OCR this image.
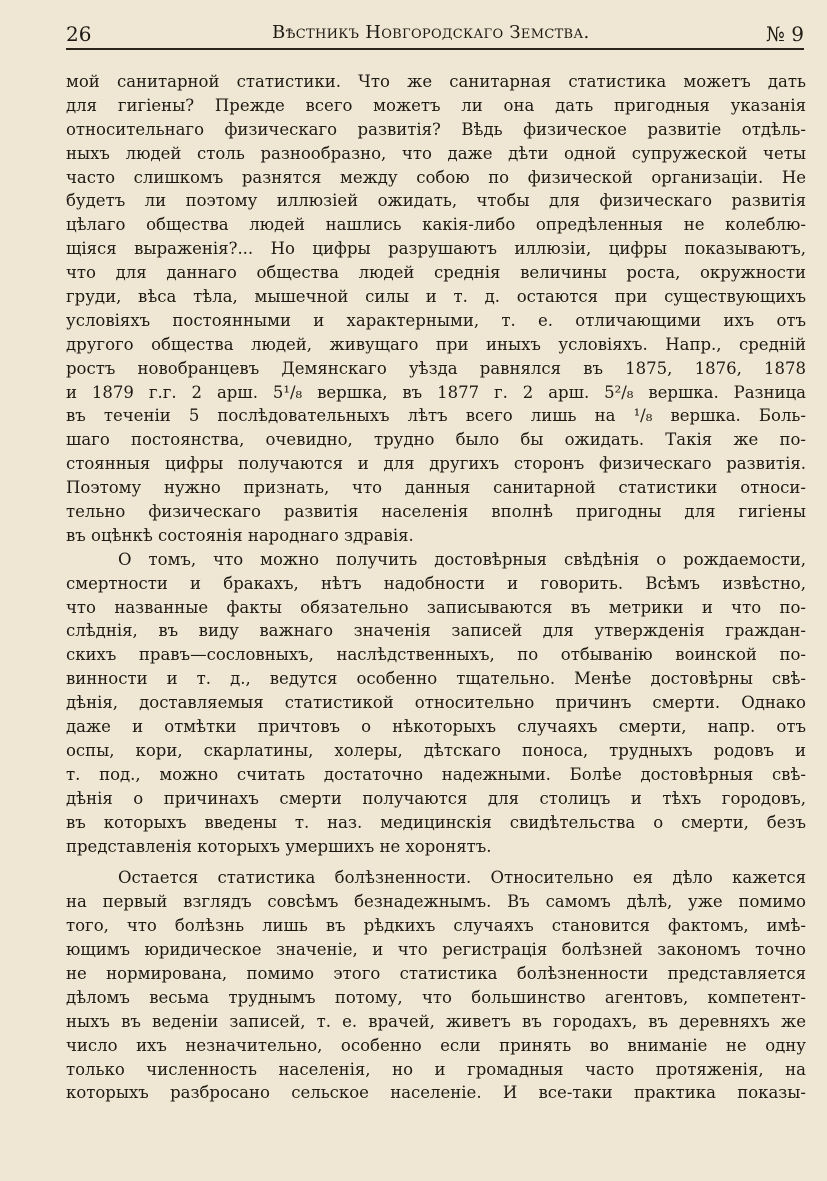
26	Вѣстникъ Новгородскаго Земства.	№ 9
мой санитарной статистики. Что же санитарная статистика можетъ дать
для гигіены? Прежде всего можетъ ли она дать пригодныя указанія
относительнаго физическаго развитія? Вѣдь физическое развитіе отдѣль-
ныхъ людей столь разнообразно, что даже дѣти одной супружеской четы
часто слишкомъ разнятся между собою по физической организаціи. Не
будетъ ли поэтому иллюзіей ожидать, чтобы для физическаго развитія
цѣлаго общества людей нашлись какія-либо опредѣленныя не колеблю-
щіяся выраженія?... Но цифры разрушаютъ иллюзіи, цифры показываютъ,
что для даннаго общества людей среднія величины роста, окружности
груди, вѣса тѣла, мышечной силы и т. д. остаются при существующихъ
условіяхъ постоянными и характерными, т. е. отличающими ихъ отъ
другого общества людей, живущаго при иныхъ условіяхъ. Напр., средній
ростъ новобранцевъ Демянскаго уѣзда равнялся въ 1875, 1876, 1878
и 1879 г.г. 2 арш. 5¹/₈ вершка, въ 1877 г. 2 арш. 5²/₈ вершка. Разница
въ теченіи 5 послѣдовательныхъ лѣтъ всего лишь на ¹/₈ вершка. Боль-
шаго постоянства, очевидно, трудно было бы ожидать. Такія же по-
стоянныя цифры получаются и для другихъ сторонъ физическаго развитія.
Поэтому нужно признать, что данныя санитарной статистики относи-
тельно физическаго развитія населенія вполнѣ пригодны для гигіены
въ оцѣнкѣ состоянія народнаго здравія.
О томъ, что можно получить достовѣрныя свѣдѣнія о рождаемости,
смертности и бракахъ, нѣтъ надобности и говорить. Всѣмъ извѣстно,
что названные факты обязательно записываются въ метрики и что по-
слѣднія, въ виду важнаго значенія записей для утвержденія граждан-
скихъ правъ—сословныхъ, наслѣдственныхъ, по отбыванію воинской по-
винности и т. д., ведутся особенно тщательно. Менѣе достовѣрны свѣ-
дѣнія, доставляемыя статистикой относительно причинъ смерти. Однако
даже и отмѣтки причтовъ о нѣкоторыхъ случаяхъ смерти, напр. отъ
оспы, кори, скарлатины, холеры, дѣтскаго поноса, трудныхъ родовъ и
т. под., можно считать достаточно надежными. Болѣе достовѣрныя свѣ-
дѣнія о причинахъ смерти получаются для столицъ и тѣхъ городовъ,
въ которыхъ введены т. наз. медицинскія свидѣтельства о смерти, безъ
представленія которыхъ умершихъ не хоронятъ.
Остается статистика болѣзненности. Относительно ея дѣло кажется
на первый взглядъ совсѣмъ безнадежнымъ. Въ самомъ дѣлѣ, уже помимо
того, что болѣзнь лишь въ рѣдкихъ случаяхъ становится фактомъ, имѣ-
ющимъ юридическое значеніе, и что регистрація болѣзней закономъ точно
не нормирована, помимо этого статистика болѣзненности представляется
дѣломъ весьма труднымъ потому, что большинство агентовъ, компетент-
ныхъ въ веденіи записей, т. е. врачей, живетъ въ городахъ, въ деревняхъ же
число ихъ незначительно, особенно если принять во вниманіе не одну
только численность населенія, но и громадныя часто протяженія, на
которыхъ разбросано сельское населеніе. И все-таки практика показы-
